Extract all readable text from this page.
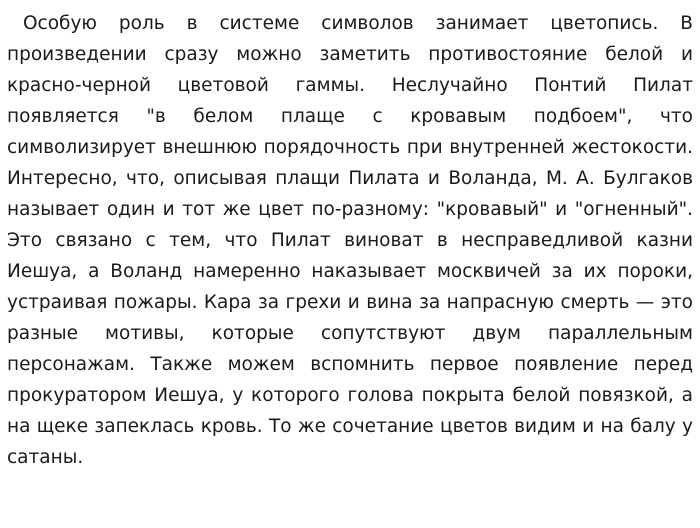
Особую роль в системе символов занимает цветопись. В произведении сразу можно заметить противостояние белой и красно-черной цветовой гаммы. Неслучайно Понтий Пилат появляется "в белом плаще с кровавым подбоем", что символизирует внешнюю порядочность при внутренней жестокости. Интересно, что, описывая плащи Пилата и Воланда, М. А. Булгаков называет один и тот же цвет по-разному: "кровавый" и "огненный". Это связано с тем, что Пилат виноват в несправедливой казни Иешуа, а Воланд намеренно наказывает москвичей за их пороки, устраивая пожары. Кара за грехи и вина за напрасную смерть — это разные мотивы, которые сопутствуют двум параллельным персонажам. Также можем вспомнить первое появление перед прокуратором Иешуа, у которого голова покрыта белой повязкой, а на щеке запеклась кровь. То же сочетание цветов видим и на балу у сатаны.
